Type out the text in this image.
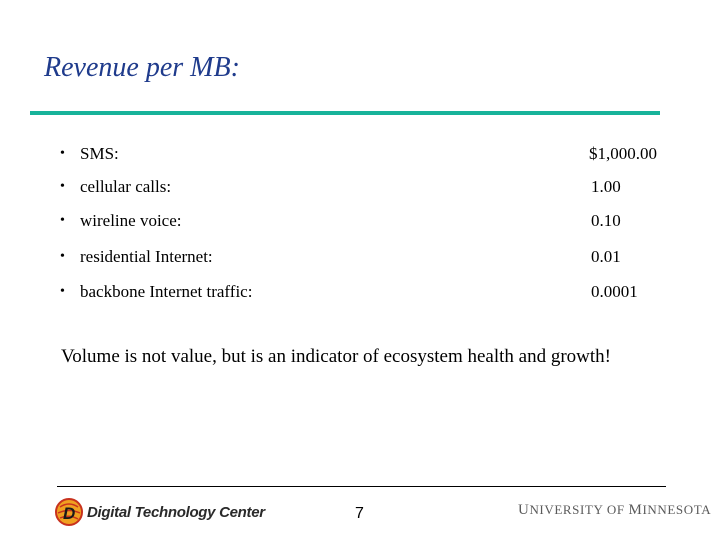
Revenue per MB:
• SMS:	$1,000.00
• cellular calls:	1.00
• wireline voice:	0.10
• residential Internet:	0.01
• backbone Internet traffic:	0.0001
Volume is not value, but is an indicator of ecosystem health and growth!
D Digital Technology Center	7	UNIVERSITY OF MINNESOTA
